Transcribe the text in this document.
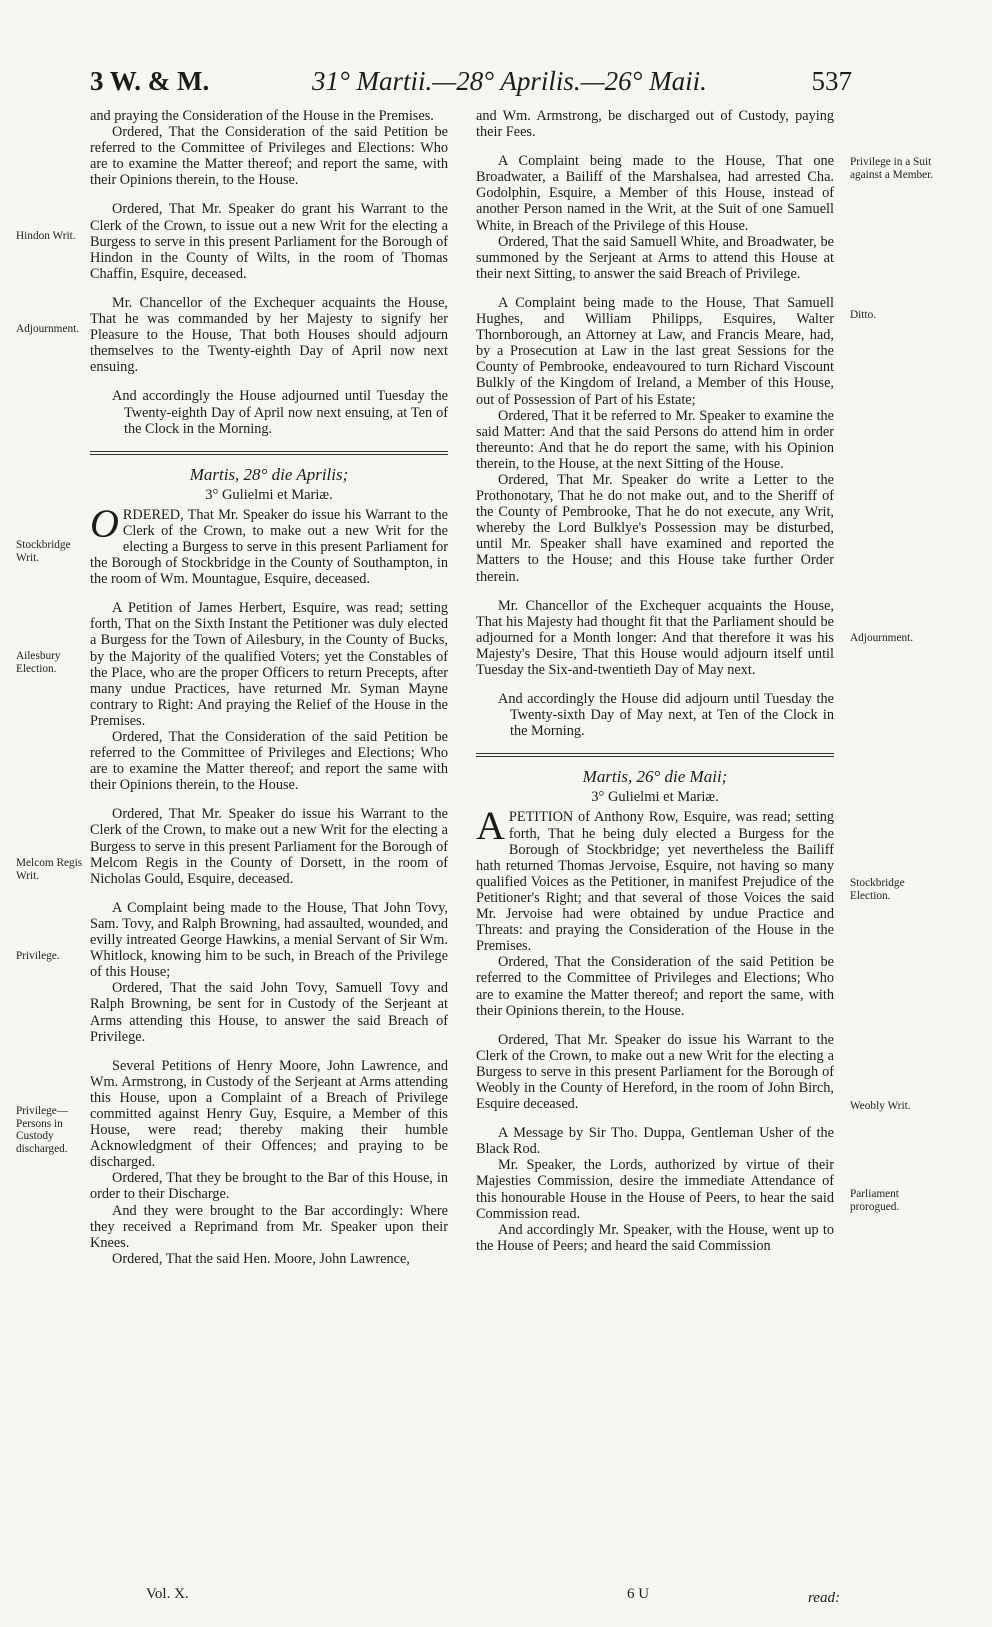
3 W. & M.	31° Martii.—28° Aprilis.—26° Maii.	537

and praying the Consideration of the House in the Premises.

Ordered, That the Consideration of the said Petition be referred to the Committee of Privileges and Elections: Who are to examine the Matter thereof; and report the same, with their Opinions therein, to the House.

Ordered, That Mr. Speaker do grant his Warrant to the Clerk of the Crown, to issue out a new Writ for the electing a Burgess to serve in this present Parliament for the Borough of Hindon in the County of Wilts, in the room of Thomas Chaffin, Esquire, deceased.

Mr. Chancellor of the Exchequer acquaints the House, That he was commanded by her Majesty to signify her Pleasure to the House, That both Houses should adjourn themselves to the Twenty-eighth Day of April now next ensuing.

And accordingly the House adjourned until Tuesday the Twenty-eighth Day of April now next ensuing, at Ten of the Clock in the Morning.

Martis, 28° die Aprilis;

3° Gulielmi et Mariæ.

ORDERED, That Mr. Speaker do issue his Warrant to the Clerk of the Crown, to make out a new Writ for the electing a Burgess to serve in this present Parliament for the Borough of Stockbridge in the County of Southampton, in the room of Wm. Mountague, Esquire, deceased.

A Petition of James Herbert, Esquire, was read; setting forth, That on the Sixth Instant the Petitioner was duly elected a Burgess for the Town of Ailesbury, in the County of Bucks, by the Majority of the qualified Voters; yet the Constables of the Place, who are the proper Officers to return Precepts, after many undue Practices, have returned Mr. Syman Mayne contrary to Right: And praying the Relief of the House in the Premises.

Ordered, That the Consideration of the said Petition be referred to the Committee of Privileges and Elections; Who are to examine the Matter thereof; and report the same with their Opinions therein, to the House.

Ordered, That Mr. Speaker do issue his Warrant to the Clerk of the Crown, to make out a new Writ for the electing a Burgess to serve in this present Parliament for the Borough of Melcom Regis in the County of Dorsett, in the room of Nicholas Gould, Esquire, deceased.

A Complaint being made to the House, That John Tovy, Sam. Tovy, and Ralph Browning, had assaulted, wounded, and evilly intreated George Hawkins, a menial Servant of Sir Wm. Whitlock, knowing him to be such, in Breach of the Privilege of this House;

Ordered, That the said John Tovy, Samuell Tovy and Ralph Browning, be sent for in Custody of the Serjeant at Arms attending this House, to answer the said Breach of Privilege.

Several Petitions of Henry Moore, John Lawrence, and Wm. Armstrong, in Custody of the Serjeant at Arms attending this House, upon a Complaint of a Breach of Privilege committed against Henry Guy, Esquire, a Member of this House, were read; thereby making their humble Acknowledgment of their Offences; and praying to be discharged.

Ordered, That they be brought to the Bar of this House, in order to their Discharge.

And they were brought to the Bar accordingly: Where they received a Reprimand from Mr. Speaker upon their Knees.

Ordered, That the said Hen. Moore, John Lawrence,

and Wm. Armstrong, be discharged out of Custody, paying their Fees.

A Complaint being made to the House, That one Broadwater, a Bailiff of the Marshalsea, had arrested Cha. Godolphin, Esquire, a Member of this House, instead of another Person named in the Writ, at the Suit of one Samuell White, in Breach of the Privilege of this House.

Ordered, That the said Samuell White, and Broadwater, be summoned by the Serjeant at Arms to attend this House at their next Sitting, to answer the said Breach of Privilege.

A Complaint being made to the House, That Samuell Hughes, and William Philipps, Esquires, Walter Thornborough, an Attorney at Law, and Francis Meare, had, by a Prosecution at Law in the last great Sessions for the County of Pembrooke, endeavoured to turn Richard Viscount Bulkly of the Kingdom of Ireland, a Member of this House, out of Possession of Part of his Estate;

Ordered, That it be referred to Mr. Speaker to examine the said Matter: And that the said Persons do attend him in order thereunto: And that he do report the same, with his Opinion therein, to the House, at the next Sitting of the House.

Ordered, That Mr. Speaker do write a Letter to the Prothonotary, That he do not make out, and to the Sheriff of the County of Pembrooke, That he do not execute, any Writ, whereby the Lord Bulklye's Possession may be disturbed, until Mr. Speaker shall have examined and reported the Matters to the House; and this House take further Order therein.

Mr. Chancellor of the Exchequer acquaints the House, That his Majesty had thought fit that the Parliament should be adjourned for a Month longer: And that therefore it was his Majesty's Desire, That this House would adjourn itself until Tuesday the Six-and-twentieth Day of May next.

And accordingly the House did adjourn until Tuesday the Twenty-sixth Day of May next, at Ten of the Clock in the Morning.

Martis, 26° die Maii;

3° Gulielmi et Mariæ.

A PETITION of Anthony Row, Esquire, was read; setting forth, That he being duly elected a Burgess for the Borough of Stockbridge; yet nevertheless the Bailiff hath returned Thomas Jervoise, Esquire, not having so many qualified Voices as the Petitioner, in manifest Prejudice of the Petitioner's Right; and that several of those Voices the said Mr. Jervoise had were obtained by undue Practice and Threats: and praying the Consideration of the House in the Premises.

Ordered, That the Consideration of the said Petition be referred to the Committee of Privileges and Elections; Who are to examine the Matter thereof; and report the same, with their Opinions therein, to the House.

Ordered, That Mr. Speaker do issue his Warrant to the Clerk of the Crown, to make out a new Writ for the electing a Burgess to serve in this present Parliament for the Borough of Weobly in the County of Hereford, in the room of John Birch, Esquire deceased.

A Message by Sir Tho. Duppa, Gentleman Usher of the Black Rod.

Mr. Speaker, the Lords, authorized by virtue of their Majesties Commission, desire the immediate Attendance of this honourable House in the House of Peers, to hear the said Commission read.

And accordingly Mr. Speaker, with the House, went up to the House of Peers; and heard the said Commission

Vol. X.	6 U	read:
Hindon Writ.
Adjournment.
Stockbridge Writ.
Ailesbury Election.
Melcom Regis Writ.
Privilege.
Privilege—Persons in Custody discharged.
Privilege in a Suit against a Member.
Ditto.
Adjournment.
Stockbridge Election.
Weobly Writ.
Parliament prorogued.
